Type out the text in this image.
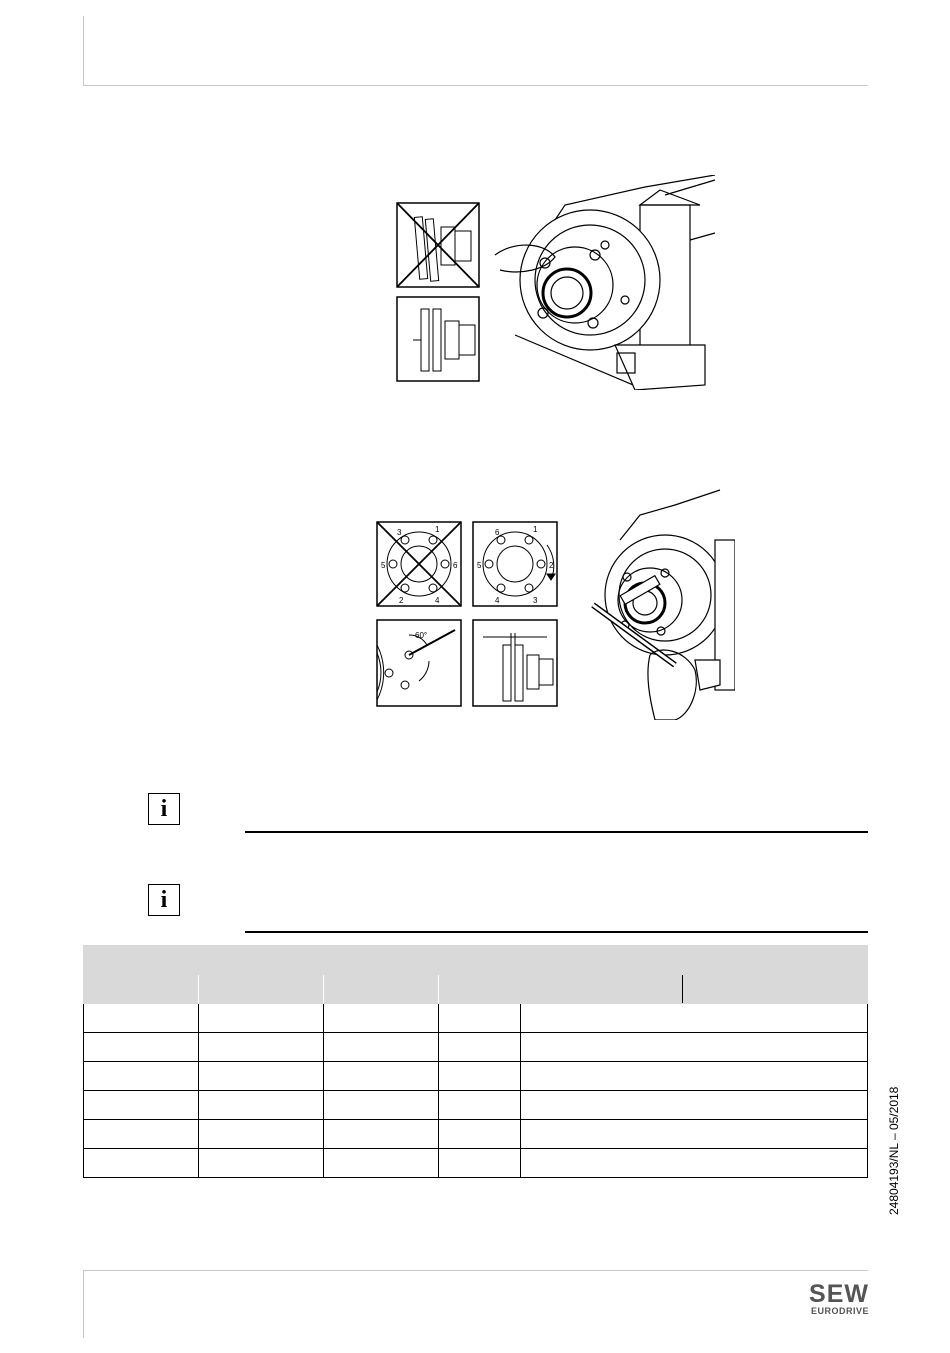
3	1
5	6
2	4
6	1
5	2
4	3
60°
i
i

24804193/NL – 05/2018
SEW
EURODRIVE
